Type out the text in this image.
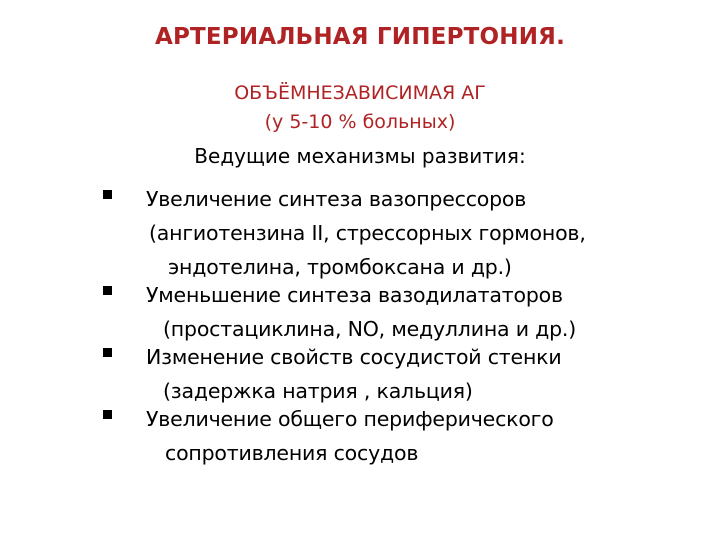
АРТЕРИАЛЬНАЯ ГИПЕРТОНИЯ.
ОБЪЁМНЕЗАВИСИМАЯ АГ
(у 5-10 % больных)
Ведущие механизмы развития:
Увеличение синтеза вазопрессоров
(ангиотензина II, стрессорных гормонов,
эндотелина, тромбоксана и др.)
Уменьшение синтеза вазодилататоров
(простациклина, NO, медуллина и др.)
Изменение свойств сосудистой стенки
(задержка натрия , кальция)
Увеличение общего периферического
сопротивления сосудов
